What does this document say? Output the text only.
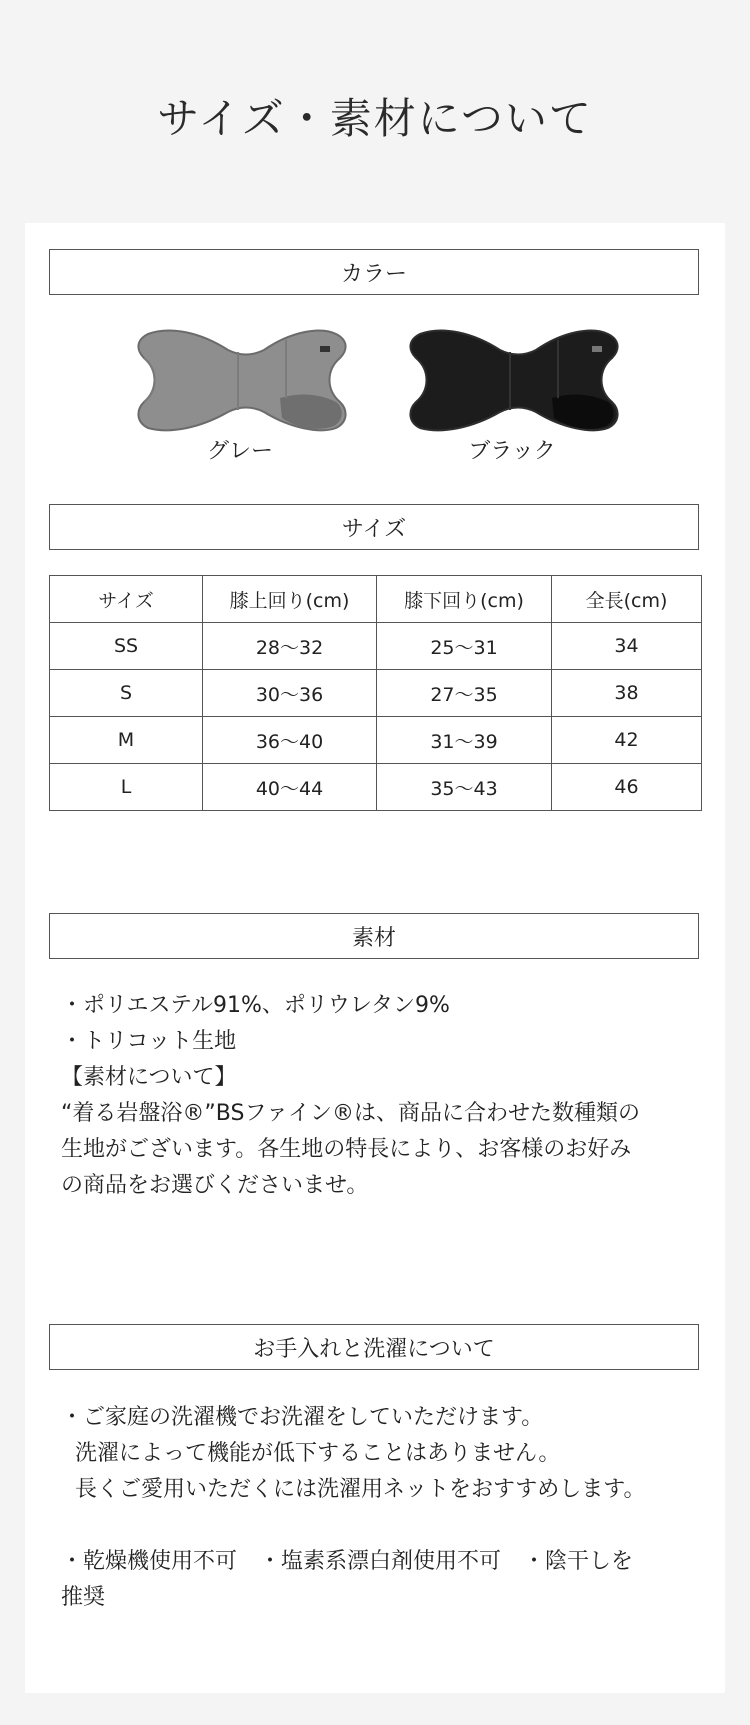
サイズ・素材について
カラー
グレー	ブラック
サイズ
サイズ	膝上回り(cm)	膝下回り(cm)	全長(cm)
SS	28〜32	25〜31	34
S	30〜36	27〜35	38
M	36〜40	31〜39	42
L	40〜44	35〜43	46
素材

・ポリエステル91%、ポリウレタン9%

・トリコット生地

【素材について】

“着る岩盤浴®”BSファイン®は、商品に合わせた数種類の

生地がございます。各生地の特長により、お客様のお好み

の商品をお選びくださいませ。

お手入れと洗濯について

・ご家庭の洗濯機でお洗濯をしていただけます。

洗濯によって機能が低下することはありません。

長くご愛用いただくには洗濯用ネットをおすすめします。

・乾燥機使用不可　・塩素系漂白剤使用不可　・陰干しを

推奨
